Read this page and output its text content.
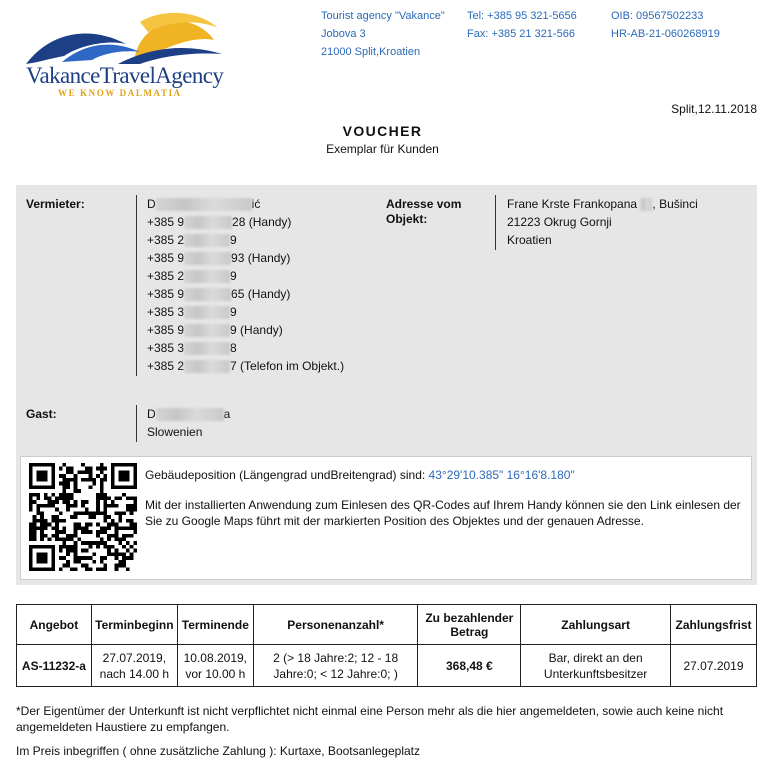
VakanceTravelAgency
WE KNOW DALMATIA
Tourist agency "Vakance"
Jobova 3
21000 Split,Kroatien
Tel: +385 95 321-5656
Fax: +385 21 321-566
OIB: 09567502233
HR-AB-21-060268919
Split,12.11.2018
VOUCHER
Exemplar für Kunden
Vermieter:	D	ić
+385 9	28 (Handy)
+385 2	9
+385 9	93 (Handy)
+385 2	9
+385 9	65 (Handy)
+385 3	9
+385 9	9 (Handy)
+385 3	8
+385 2	7 (Telefon im Objekt.)
Adresse vom
Objekt:
Frane Krste Frankopana , Bušinci
21223 Okrug Gornji
Kroatien
Gast:	D	a
Slowenien
Gebäudeposition (Längengrad undBreitengrad) sind: 43°29'10.385" 16°16'8.180"
Mit der installierten Anwendung zum Einlesen des QR-Codes auf Ihrem Handy können sie den Link einlesen der Sie zu Google Maps führt mit der markierten Position des Objektes und der genauen Adresse.
Angebot	Terminbeginn	Terminende	Personenanzahl*	Zu bezahlender Betrag	Zahlungsart	Zahlungsfrist
AS-11232-a	27.07.2019, nach 14.00 h	10.08.2019, vor 10.00 h	2 (> 18 Jahre:2; 12 - 18 Jahre:0; < 12 Jahre:0; )	368,48 €	Bar, direkt an den Unterkunftsbesitzer	27.07.2019
*Der Eigentümer der Unterkunft ist nicht verpflichtet nicht einmal eine Person mehr als die hier angemeldeten, sowie auch keine nicht angemeldeten Haustiere zu empfangen.
Im Preis inbegriffen ( ohne zusätzliche Zahlung ): Kurtaxe, Bootsanlegeplatz
